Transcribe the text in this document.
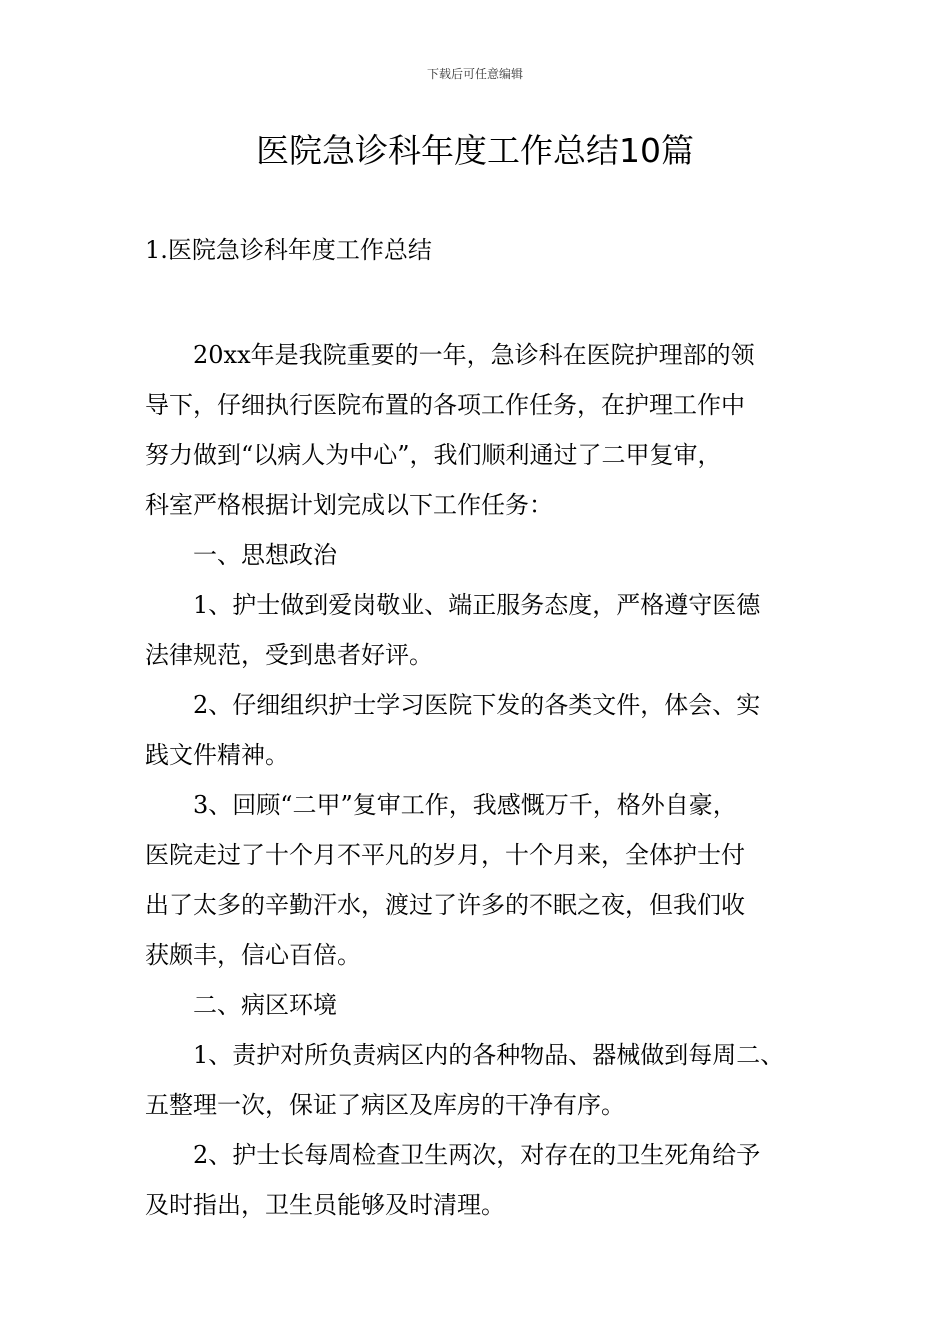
下载后可任意编辑
医院急诊科年度工作总结10篇
1.医院急诊科年度工作总结

20xx年是我院重要的一年，急诊科在医院护理部的领

导下，仔细执行医院布置的各项工作任务，在护理工作中

努力做到“以病人为中心”，我们顺利通过了二甲复审，

科室严格根据计划完成以下工作任务：

一、思想政治

1、护士做到爱岗敬业、端正服务态度，严格遵守医德

法律规范，受到患者好评。

2、仔细组织护士学习医院下发的各类文件，体会、实

践文件精神。

3、回顾“二甲”复审工作，我感慨万千，格外自豪，

医院走过了十个月不平凡的岁月，十个月来，全体护士付

出了太多的辛勤汗水，渡过了许多的不眠之夜，但我们收

获颇丰，信心百倍。

二、病区环境

1、责护对所负责病区内的各种物品、器械做到每周二、

五整理一次，保证了病区及库房的干净有序。

2、护士长每周检查卫生两次，对存在的卫生死角给予

及时指出，卫生员能够及时清理。
